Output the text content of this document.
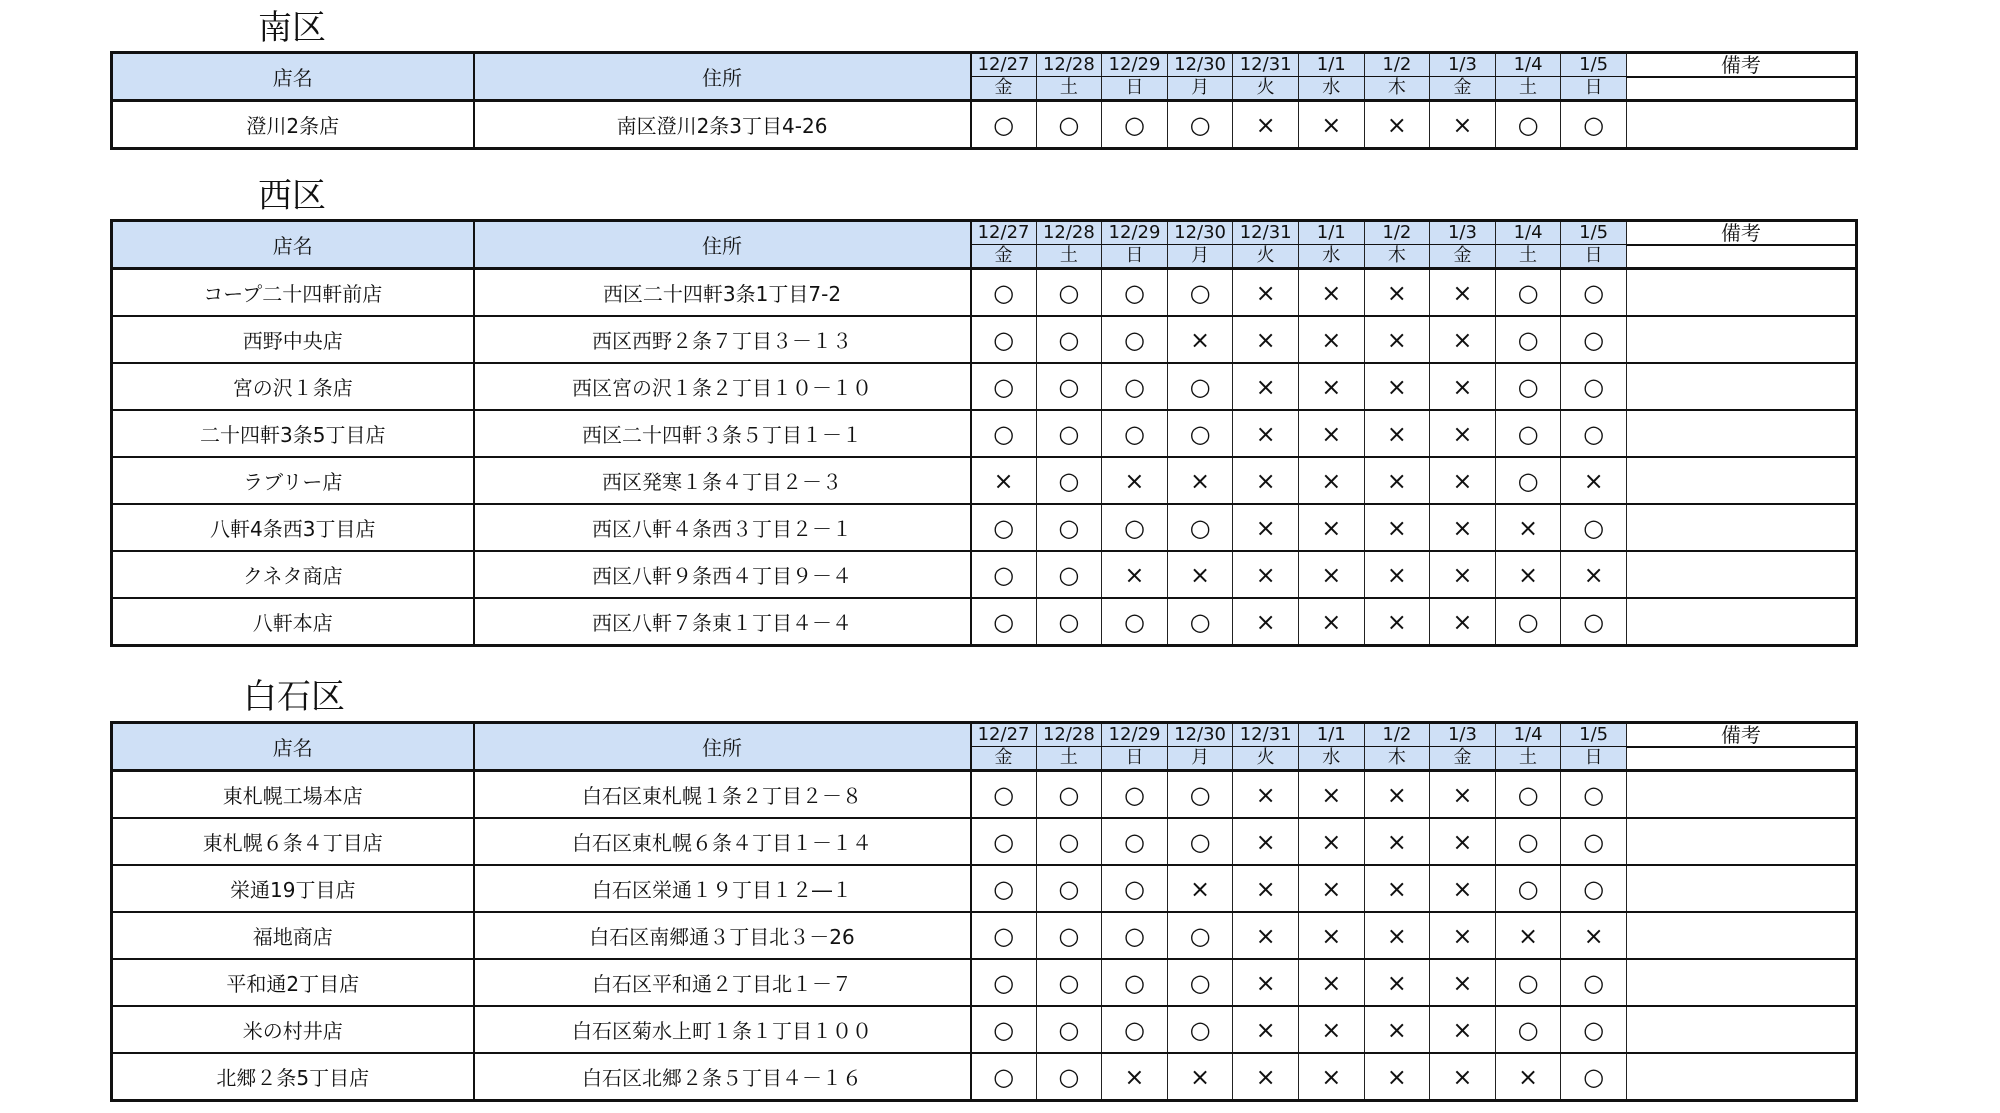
南区
西区
白石区
店名	住所	12/27	12/28	12/29	12/30	12/31	1/1	1/2	1/3	1/4	1/5	備考
		金	土	日	月	火	水	木	金	土	日	
澄川2条店	南区澄川2条3丁目4-26	○	○	○	○	×	×	×	×	○	○	
店名	住所	12/27	12/28	12/29	12/30	12/31	1/1	1/2	1/3	1/4	1/5	備考
		金	土	日	月	火	水	木	金	土	日	
コープ二十四軒前店	西区二十四軒3条1丁目7-2	○	○	○	○	×	×	×	×	○	○	
西野中央店	西区西野２条７丁目３－１３	○	○	○	×	×	×	×	×	○	○	
宮の沢１条店	西区宮の沢１条２丁目１０－１０	○	○	○	○	×	×	×	×	○	○	
二十四軒3条5丁目店	西区二十四軒３条５丁目１－１	○	○	○	○	×	×	×	×	○	○	
ラブリー店	西区発寒１条４丁目２－３	×	○	×	×	×	×	×	×	○	×	
八軒4条西3丁目店	西区八軒４条西３丁目２－１	○	○	○	○	×	×	×	×	×	○	
クネタ商店	西区八軒９条西４丁目９－４	○	○	×	×	×	×	×	×	×	×	
八軒本店	西区八軒７条東１丁目４－４	○	○	○	○	×	×	×	×	○	○	
店名	住所	12/27	12/28	12/29	12/30	12/31	1/1	1/2	1/3	1/4	1/5	備考
		金	土	日	月	火	水	木	金	土	日	
東札幌工場本店	白石区東札幌１条２丁目２－８	○	○	○	○	×	×	×	×	○	○	
東札幌６条４丁目店	白石区東札幌６条４丁目１－１４	○	○	○	○	×	×	×	×	○	○	
栄通19丁目店	白石区栄通１９丁目１２―１	○	○	○	×	×	×	×	×	○	○	
福地商店	白石区南郷通３丁目北３－26	○	○	○	○	×	×	×	×	×	×	
平和通2丁目店	白石区平和通２丁目北１－７	○	○	○	○	×	×	×	×	○	○	
米の村井店	白石区菊水上町１条１丁目１００	○	○	○	○	×	×	×	×	○	○	
北郷２条5丁目店	白石区北郷２条５丁目４－１６	○	○	×	×	×	×	×	×	×	○	
